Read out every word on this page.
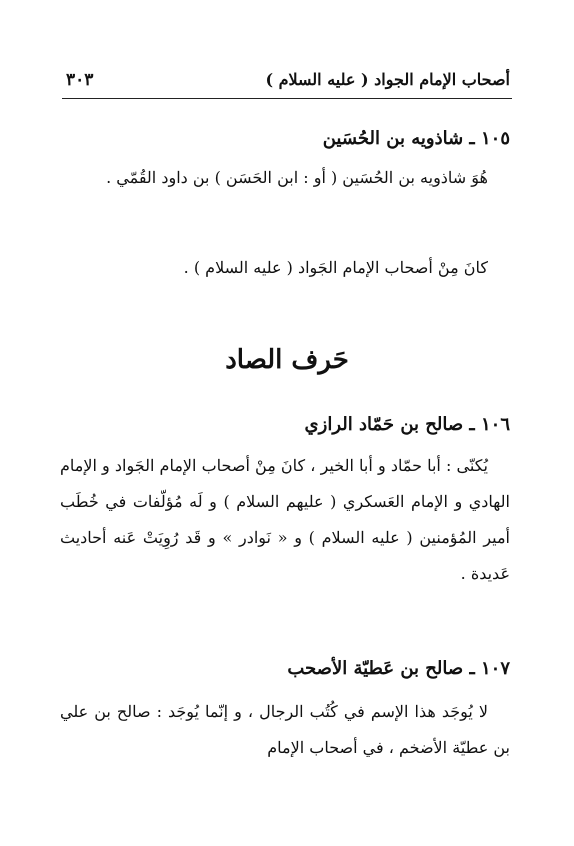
أصحاب الإمام الجواد ( عليه السلام )
٣٠٣
١٠٥ ـ شاذويه بن الحُسَين

هُوَ شاذويه بن الحُسَين ( أو : ابن الحَسَن ) بن داود القُمّي .

كانَ مِنْ أصحاب الإمام الجَواد ( عليه السلام ) .

حَرف الصاد
١٠٦ ـ صالح بن حَمّاد الرازي

يُكنّى : أبا حمّاد و أبا الخير ، كانَ مِنْ أصحاب الإمام الجَواد و الإمام الهادي و الإمام العَسكري ( عليهم السلام ) و لَه مُؤلّفات في خُطَب أمير المُؤمنين ( عليه السلام ) و « نَوادر » و قَد رُوِيَتْ عَنه أحاديث عَديدة .

١٠٧ ـ صالح بن عَطيّة الأصحب

لا يُوجَد هذا الإسم في كُتُب الرجال ، و إنّما يُوجَد : صالح بن علي بن عطيّة الأضخم ، في أصحاب الإمام
